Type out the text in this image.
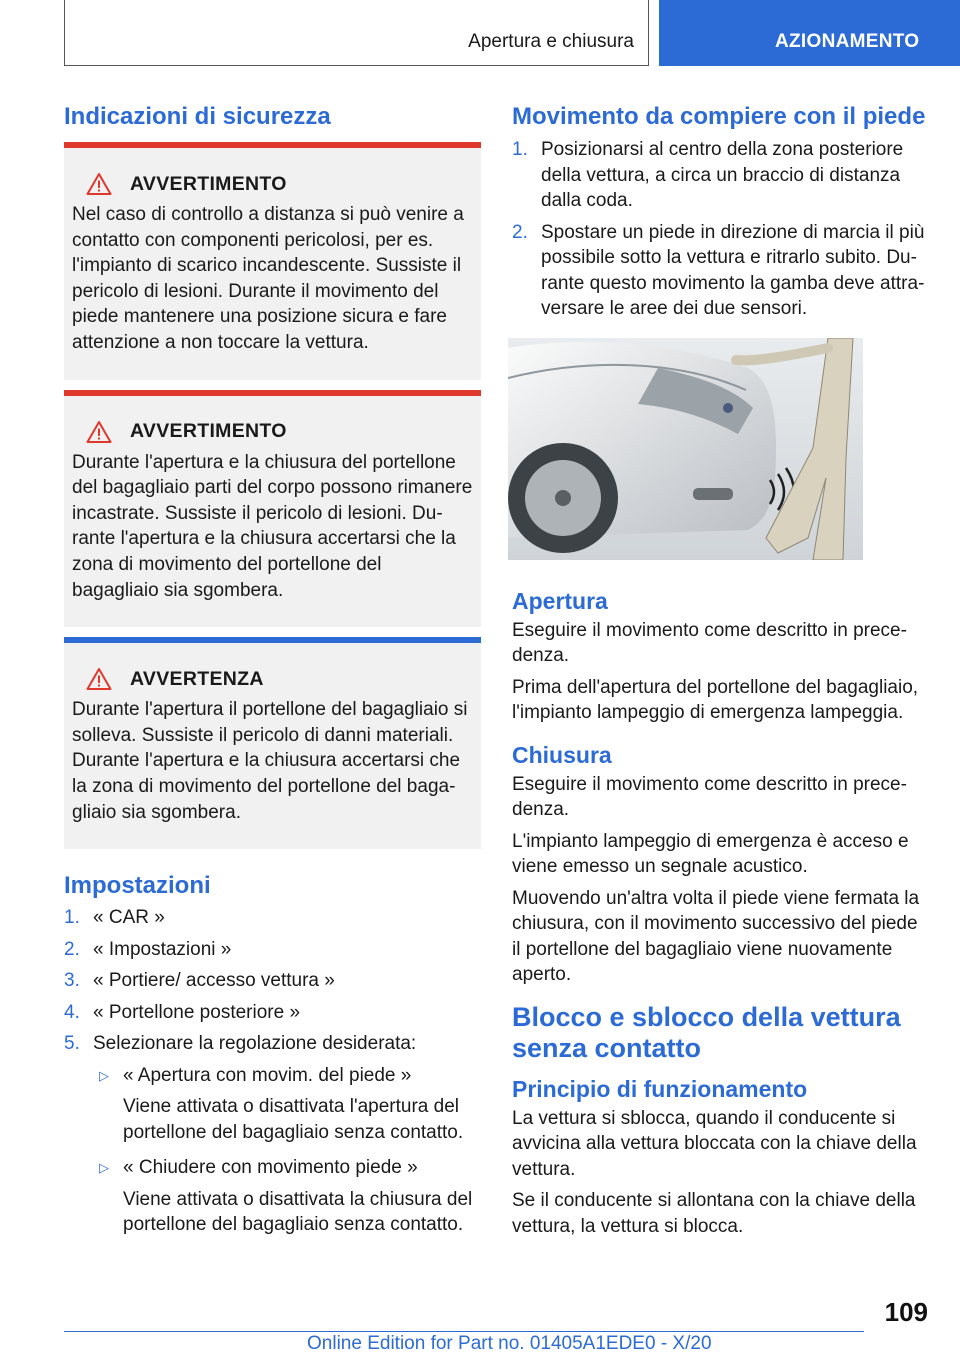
Apertura e chiusura	AZIONAMENTO
Indicazioni di sicurezza
AVVERTIMENTO

Nel caso di controllo a distanza si può venire a contatto con componenti pericolosi, per es. l'impianto di scarico incandescente. Sussiste il pericolo di lesioni. Durante il movimento del piede mantenere una posizione sicura e fare attenzione a non toccare la vettura.

AVVERTIMENTO

Durante l'apertura e la chiusura del portellone del bagagliaio parti del corpo possono rimanere incastrate. Sussiste il pericolo di lesioni. Durante l'apertura e la chiusura accertarsi che la zona di movimento del portellone del bagagliaio sia sgombera.

AVVERTENZA

Durante l'apertura il portellone del bagagliaio si solleva. Sussiste il pericolo di danni materiali. Durante l'apertura e la chiusura accertarsi che la zona di movimento del portellone del bagagliaio sia sgombera.

Impostazioni
1. « CAR »
2. « Impostazioni »
3. « Portiere/ accesso vettura »
4. « Portellone posteriore »
5. Selezionare la regolazione desiderata:
▷ « Apertura con movim. del piede »
Viene attivata o disattivata l'apertura del portellone del bagagliaio senza contatto.
▷ « Chiudere con movimento piede »
Viene attivata o disattivata la chiusura del portellone del bagagliaio senza contatto.
Movimento da compiere con il piede
1. Posizionarsi al centro della zona posteriore della vettura, a circa un braccio di distanza dalla coda.
2. Spostare un piede in direzione di marcia il più possibile sotto la vettura e ritrarlo subito. Durante questo movimento la gamba deve attraversare le aree dei due sensori.
Apertura

Eseguire il movimento come descritto in precedenza.

Prima dell'apertura del portellone del bagagliaio, l'impianto lampeggio di emergenza lampeggia.

Chiusura

Eseguire il movimento come descritto in precedenza.

L'impianto lampeggio di emergenza è acceso e viene emesso un segnale acustico.

Muovendo un'altra volta il piede viene fermata la chiusura, con il movimento successivo del piede il portellone del bagagliaio viene nuovamente aperto.

Blocco e sblocco della vettura senza contatto
Principio di funzionamento

La vettura si sblocca, quando il conducente si avvicina alla vettura bloccata con la chiave della vettura.

Se il conducente si allontana con la chiave della vettura, la vettura si blocca.

109
Online Edition for Part no. 01405A1EDE0 - X/20
